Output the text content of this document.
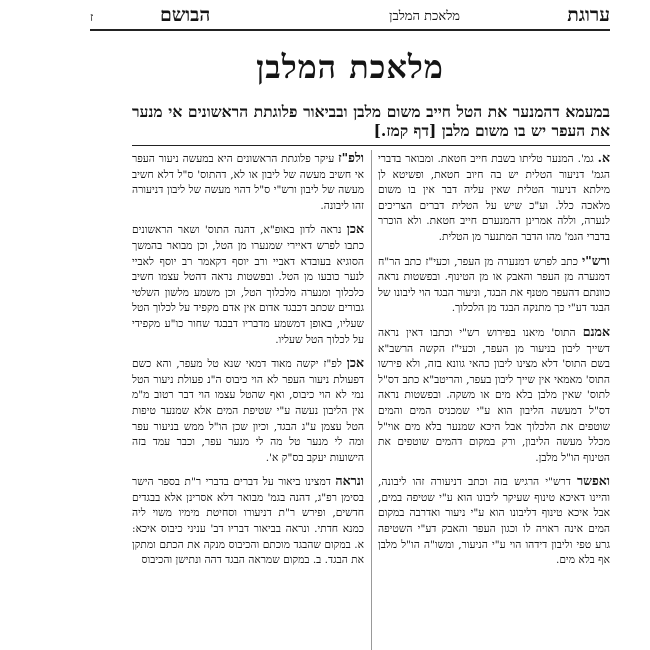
ערוגת
מלאכת המלבן
הבושם
ז
מלאכת המלבן
במעמא דהמנער את הטל חייב משום מלבן ובביאור פלוגתת הראשונים אי מנער את העפר יש בו משום מלבן [דף קמז.]

א. גמ'. המנער טליתו בשבת חייב חטאת. ומבואר בדברי הגמ' דניעור הטלית יש בה חיוב חטאת, ופשיטא לן מילתא דניעור הטלית שאין עליה דבר אין בו משום מלאכה כלל. וע"כ שיש על הטלית דברים הצריכים לנערה, וללה אמרינן דהמנערם חייב חטאת. ולא הוכרר בדברי הגמ' מהו הדבר המתנער מן הטלית.

ורש"י כתב לפרש דמנערה מן העפר, וכעי"ז כתב הר"ח דמנערה מן העפר והאבק או מן הטינוף. ובפשטות נראה כוונתם דהעפר מטנף את הבגד, וניעור הבגד הוי ליבונו של הבגד דע"י כך מתנקה הבגד מן הלכלוך.

אמנם התוס' מיאנו בפירוש רש"י וכתבו דאין נראה דשייך ליבון בניעור מן העפר, וכעי"ז הקשה הרשב"א בשם התוס' דלא מצינו ליבון כהאי גוונא בזה, ולא פירשו התוס' מאמאי אין שייך ליבון בעפר, והריטב"א כתב דס"ל לתוס' שאין מלבן בלא מים או משקה. ובפשטות נראה דס"ל דמעשה הליבון הוא ע"י שמכניס המים והמים שוטפים את הלכלוך אבל היכא שמנער בלא מים אוי"ל מכלל מעשה הליבון, ורק במקום דהמים שוטפים את הטינוף הו"ל מלבן.

ואפשר דרש"י הרגיש בזה וכתב דניעורה זהו ליבונה, והיינו דאיכא טינוף שעיקר ליבונו הוא ע"י שטיפה במים, אבל איכא טינוף דליבונו הוא ע"י ניעור ואדרבה במקום המים אינה ראויה לו וכגון העפר והאבק דע"י השטיפה גרע טפי וליבון דידהו הוי ע"י הניעור, ומשו"ה הו"ל מלבן אף בלא מים.

ולפ"ז עיקר פלוגתת הראשונים היא במעשה ניעור העפר אי חשיב מעשה של ליבון או לא, דהתוס' ס"ל דלא חשיב מעשה של ליבון ורש"י ס"ל דהוי מעשה של ליבון דניעורה זהו ליבונה.

אכן נראה לדון באופ"א, דהנה התוס' ושאר הראשונים כתבו לפרש דאיירי שמנערו מן הטל, וכן מבואר בהמשך הסוגיא בעובדא דאביי ורב יוסף דקאמר רב יוסף לאביי לנער כובעו מן הטל. ובפשטות נראה דהטל עצמו חשיב כלכלוך ומנערה מלכלוך הטל, וכן משמע מלשון השלטי גבורים שכתב דכבגד אדום אין אדם מקפיד על לכלוך הטל שעליו, באופן דמשמע מדבריו דבבגד שחור כו"ע מקפידי על לכלוך הטל שעליו.

אכן לפ"ז יקשה מאוד דמאי שנא טל מעפר, והא כשם דפעולת ניעור העפר לא הוי כיבוס ה"נ פעולת ניעור הטל נמי לא הוי כיבוס, ואף שהטל עצמו הוי דבר רטוב מ"מ אין הליבון נעשה ע"י שטיפת המים אלא שמנער טיפות הטל עצמן ע"ג הבגד, וכיון שכן הו"ל ממש בניעור עפר ומה לי מנער טל מה לי מנער עפר, וכבר עמד בזה הישועות יעקב בס"ק א'.

ונראה דמצינו ביאור על דברים בדברי ר"ת בספר הישר בסימן רפ"ג, דהנה בגמ' מבואר דלא אסרינן אלא בבגדים חדשים, ופירש ר"ת דניעורו וסחיטת מימיו משוי ליה כמנא חדתי. ונראה בביאור דבריו דב' עניני כיבוס איכא: א. במקום שהבגד מוכתם והכיבוס מנקה את הכתם ומתקן את הבגד. ב. במקום שמראה הבגד דהה ונתישן והכיבוס
